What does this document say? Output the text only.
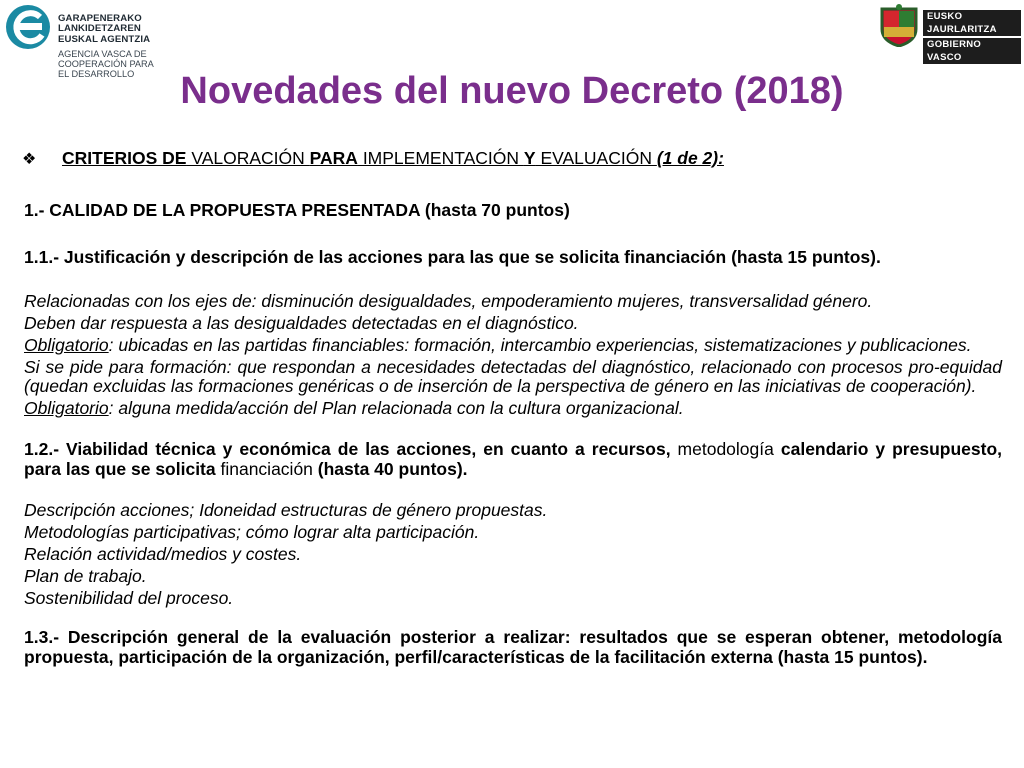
GARAPENERAKO
LANKIDETZAREN
EUSKAL AGENTZIA
AGENCIA VASCA DE
COOPERACIÓN PARA
EL DESARROLLO
EUSKO JAURLARITZA
GOBIERNO VASCO
Novedades del nuevo Decreto (2018)
❖	CRITERIOS DE VALORACIÓN PARA IMPLEMENTACIÓN Y EVALUACIÓN (1 de 2):

1.- CALIDAD DE LA PROPUESTA PRESENTADA (hasta 70 puntos)

1.1.- Justificación y descripción de las acciones para las que se solicita financiación (hasta 15 puntos).

Relacionadas con los ejes de: disminución desigualdades, empoderamiento mujeres, transversalidad género.
Deben dar respuesta a las desigualdades detectadas en el diagnóstico.
Obligatorio: ubicadas en las partidas financiables: formación, intercambio experiencias, sistematizaciones y publicaciones.
Si se pide para formación: que respondan a necesidades detectadas del diagnóstico, relacionado con procesos pro-equidad (quedan excluidas las formaciones genéricas o de inserción de la perspectiva de género en las iniciativas de cooperación).
Obligatorio: alguna medida/acción del Plan relacionada con la cultura organizacional.

1.2.- Viabilidad técnica y económica de las acciones, en cuanto a recursos, metodología calendario y presupuesto, para las que se solicita financiación (hasta 40 puntos).

Descripción acciones; Idoneidad estructuras de género propuestas.
Metodologías participativas; cómo lograr alta participación.
Relación actividad/medios y costes.
Plan de trabajo.
Sostenibilidad del proceso.

1.3.- Descripción general de la evaluación posterior a realizar: resultados que se esperan obtener, metodología propuesta, participación de la organización, perfil/características de la facilitación externa (hasta 15 puntos).
